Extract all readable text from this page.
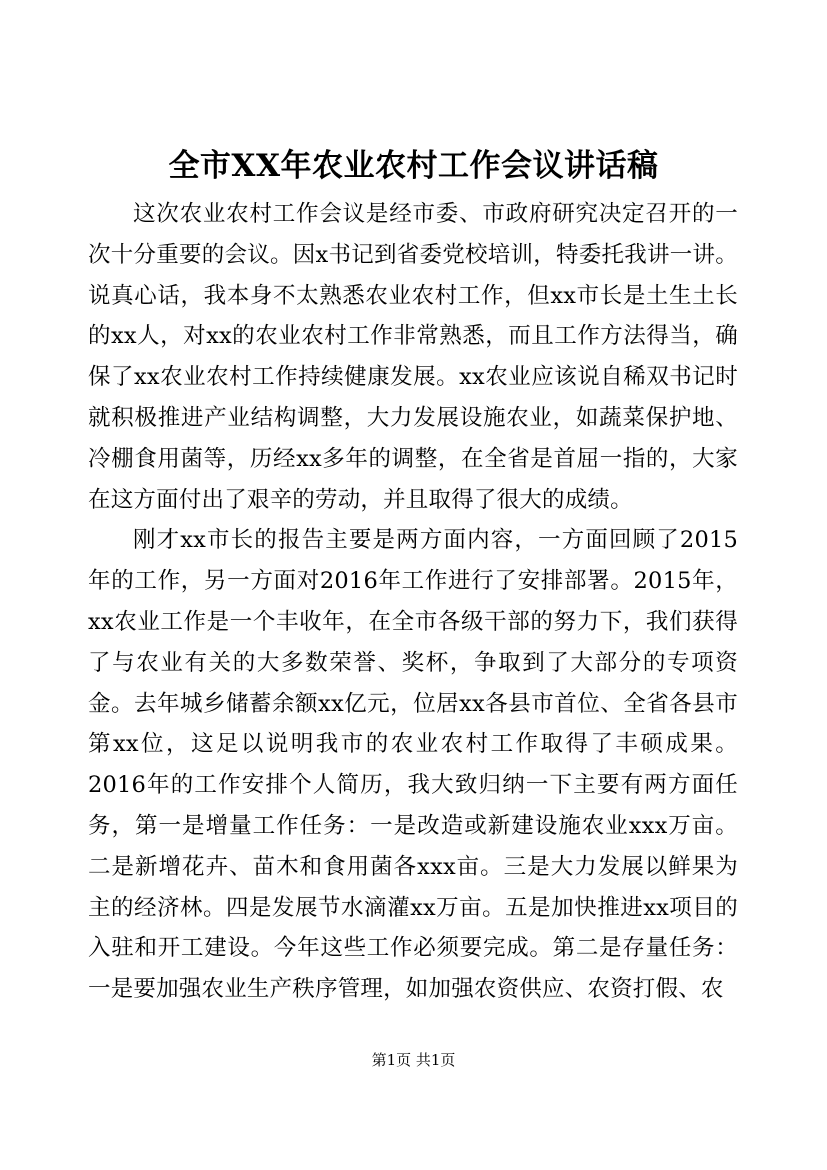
全市XX年农业农村工作会议讲话稿

这次农业农村工作会议是经市委、市政府研究决定召开的一次十分重要的会议。因x书记到省委党校培训，特委托我讲一讲。说真心话，我本身不太熟悉农业农村工作，但xx市长是土生土长的xx人，对xx的农业农村工作非常熟悉，而且工作方法得当，确保了xx农业农村工作持续健康发展。xx农业应该说自稀双书记时就积极推进产业结构调整，大力发展设施农业，如蔬菜保护地、冷棚食用菌等，历经xx多年的调整，在全省是首屈一指的，大家在这方面付出了艰辛的劳动，并且取得了很大的成绩。

刚才xx市长的报告主要是两方面内容，一方面回顾了2015年的工作，另一方面对2016年工作进行了安排部署。2015年，xx农业工作是一个丰收年，在全市各级干部的努力下，我们获得了与农业有关的大多数荣誉、奖杯，争取到了大部分的专项资金。去年城乡储蓄余额xx亿元，位居xx各县市首位、全省各县市第xx位，这足以说明我市的农业农村工作取得了丰硕成果。2016年的工作安排个人简历，我大致归纳一下主要有两方面任务，第一是增量工作任务：一是改造或新建设施农业xxx万亩。二是新增花卉、苗木和食用菌各xxx亩。三是大力发展以鲜果为主的经济林。四是发展节水滴灌xx万亩。五是加快推进xx项目的入驻和开工建设。今年这些工作必须要完成。第二是存量任务：一是要加强农业生产秩序管理，如加强农资供应、农资打假、农

第1页 共1页
